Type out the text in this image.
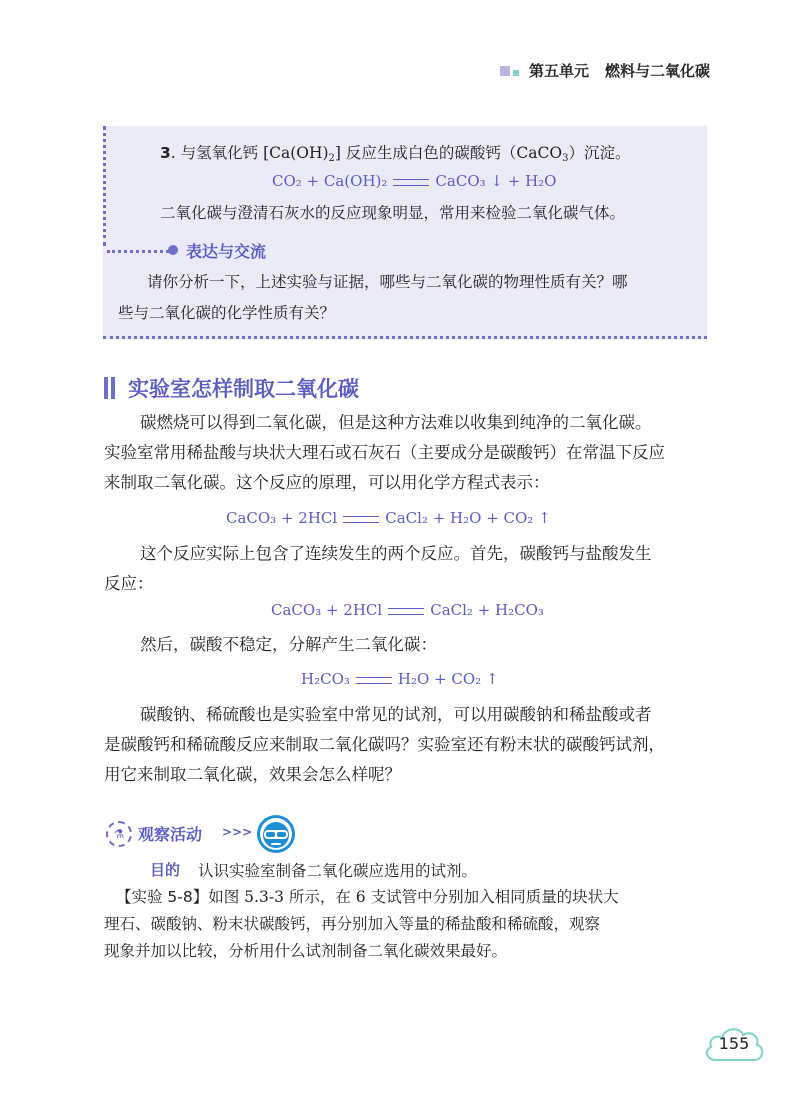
第五单元 燃料与二氧化碳
3. 与氢氧化钙 $[Ca(OH)_2]$ 反应生成白色的碳酸钙（CaCO$_3$）沉淀。
CO₂ + Ca(OH)₂	CaCO₃ ↓ + H₂O
二氧化碳与澄清石灰水的反应现象明显，常用来检验二氧化碳气体。
表达与交流
请你分析一下，上述实验与证据，哪些与二氧化碳的物理性质有关？哪
些与二氧化碳的化学性质有关？
实验室怎样制取二氧化碳
碳燃烧可以得到二氧化碳，但是这种方法难以收集到纯净的二氧化碳。
实验室常用稀盐酸与块状大理石或石灰石（主要成分是碳酸钙）在常温下反应
来制取二氧化碳。这个反应的原理，可以用化学方程式表示：
CaCO₃ + 2HCl	CaCl₂ + H₂O + CO₂ ↑
这个反应实际上包含了连续发生的两个反应。首先，碳酸钙与盐酸发生
反应：
CaCO₃ + 2HCl	CaCl₂ + H₂CO₃
然后，碳酸不稳定，分解产生二氧化碳：
H₂CO₃	H₂O + CO₂ ↑
碳酸钠、稀硫酸也是实验室中常见的试剂，可以用碳酸钠和稀盐酸或者
是碳酸钙和稀硫酸反应来制取二氧化碳吗？实验室还有粉末状的碳酸钙试剂，
用它来制取二氧化碳，效果会怎么样呢？
⚗ 观察活动 >>>
目的 认识实验室制备二氧化碳应选用的试剂。
【实验 5-8】如图 5.3-3 所示，在 6 支试管中分别加入相同质量的块状大
理石、碳酸钠、粉末状碳酸钙，再分别加入等量的稀盐酸和稀硫酸，观察
现象并加以比较，分析用什么试剂制备二氧化碳效果最好。
155
